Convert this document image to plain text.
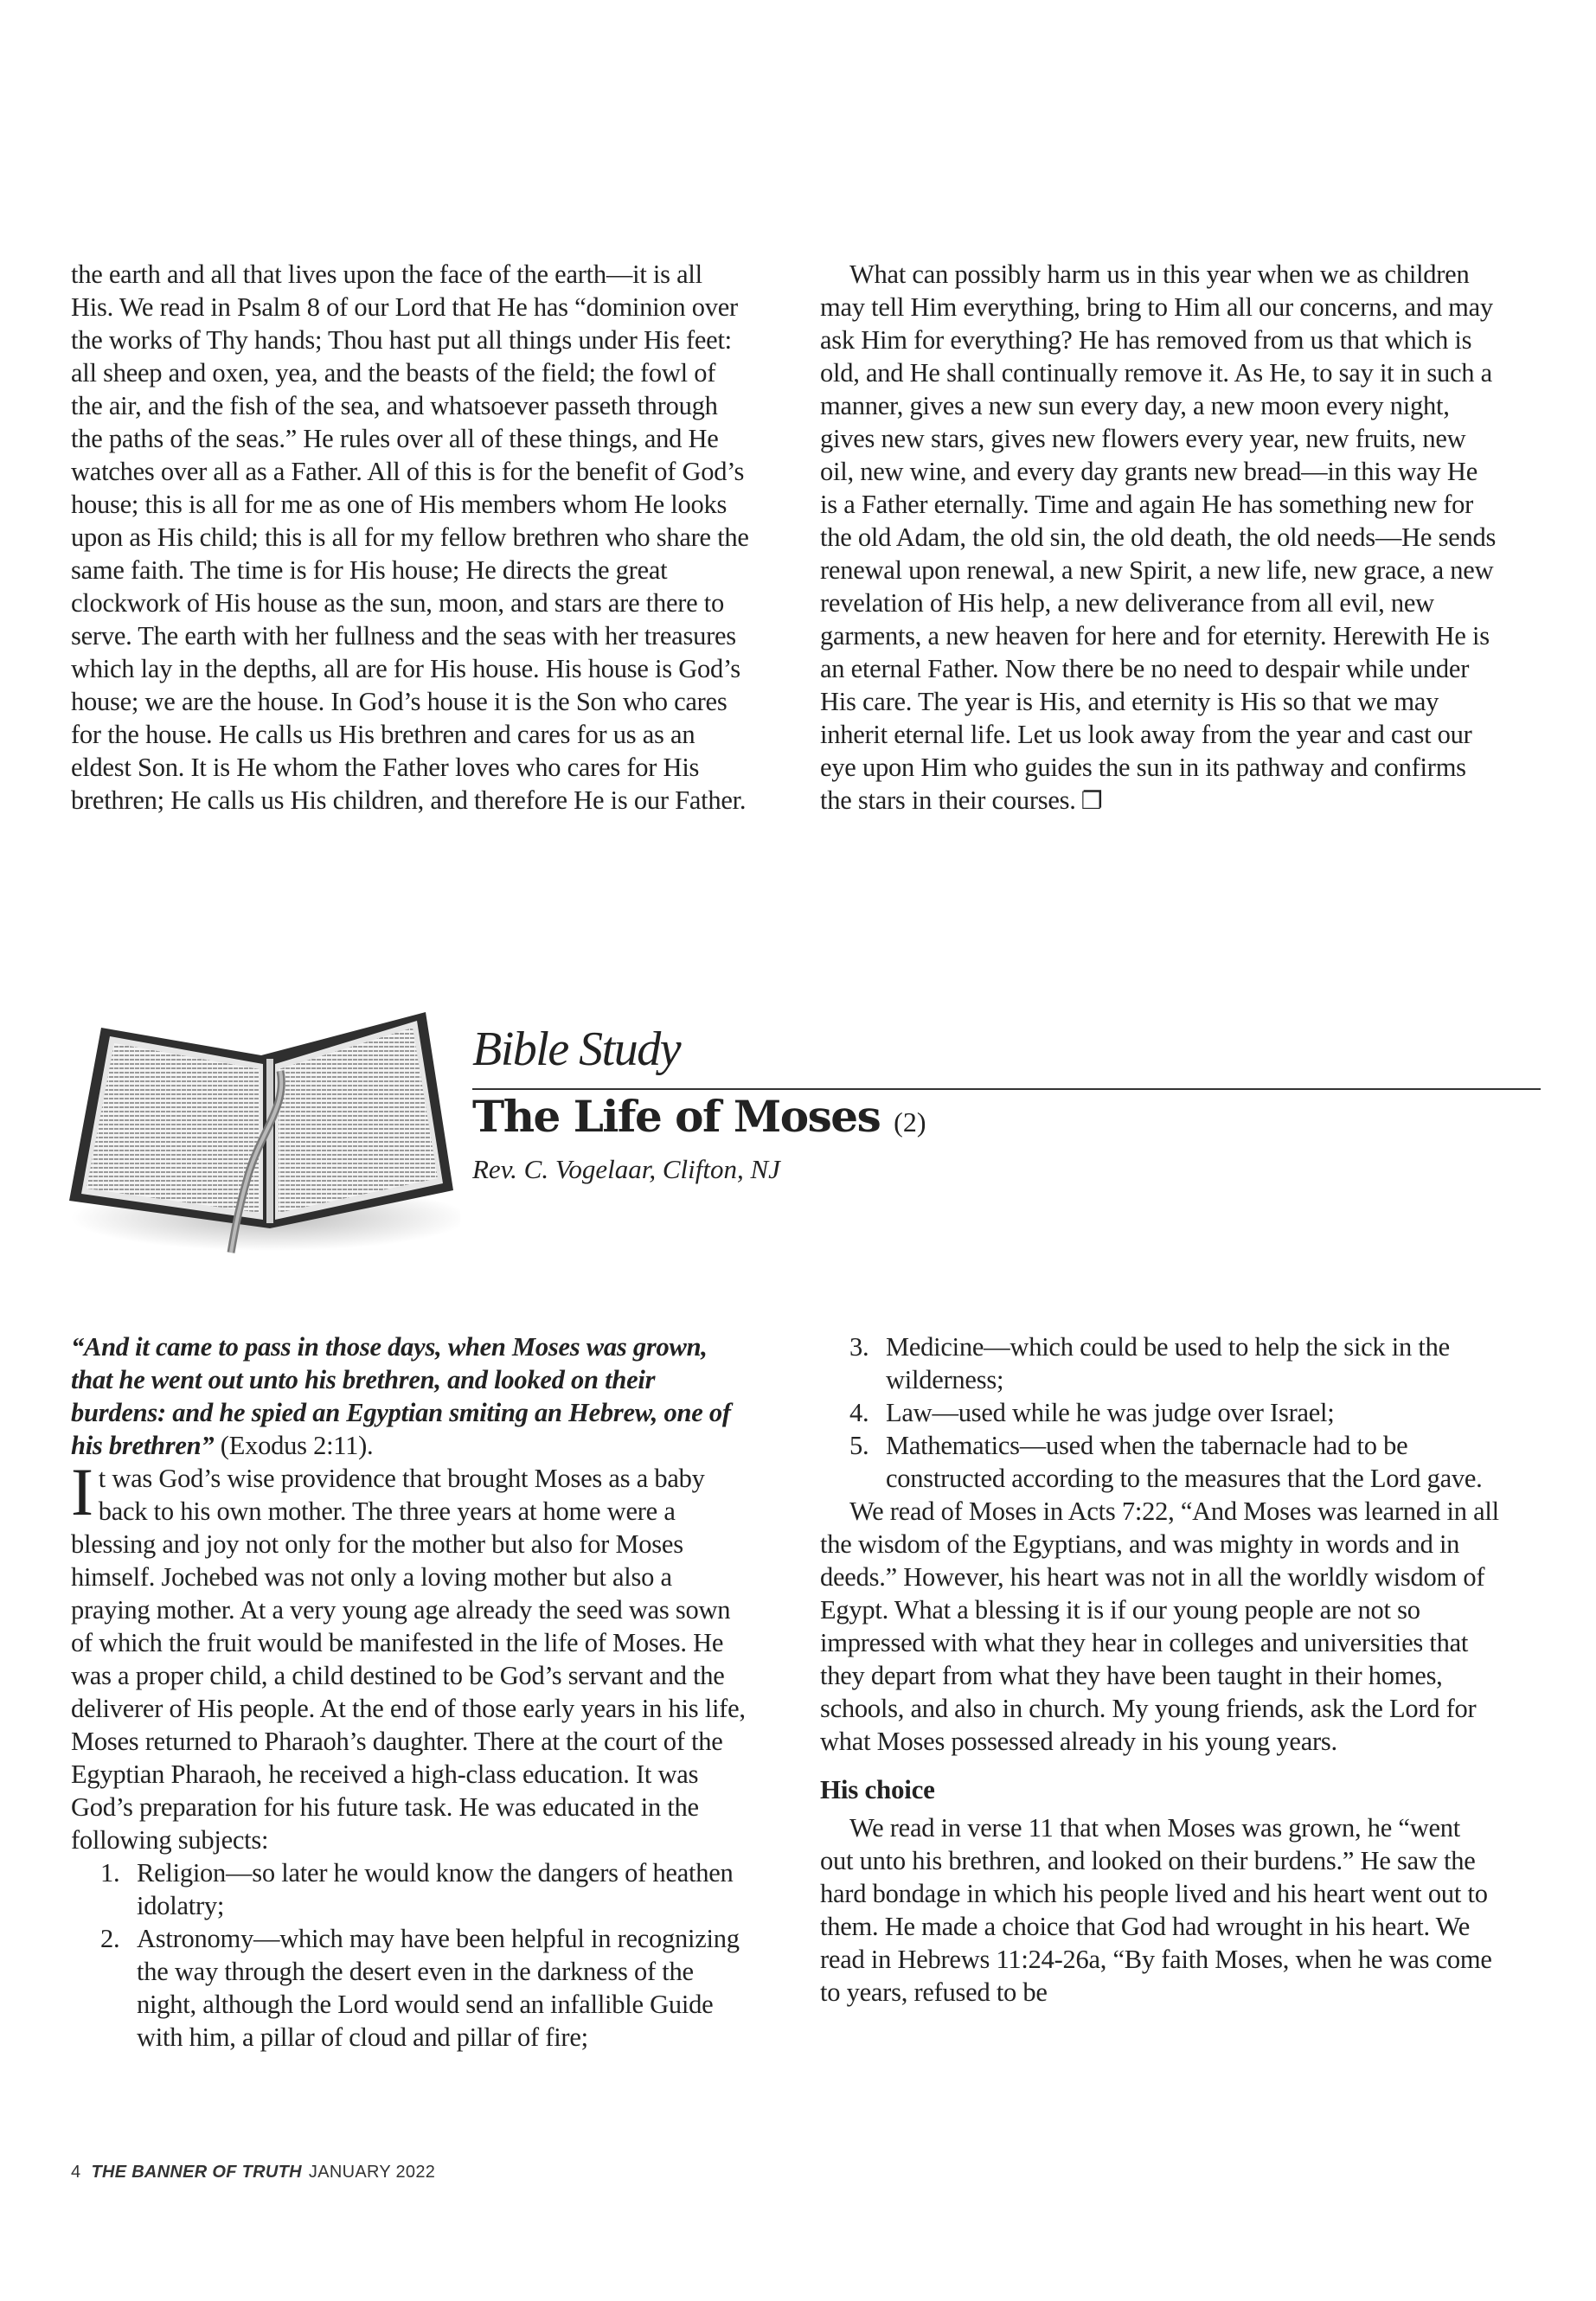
the earth and all that lives upon the face of the earth—it is all His. We read in Psalm 8 of our Lord that He has “dominion over the works of Thy hands; Thou hast put all things under His feet: all sheep and oxen, yea, and the beasts of the field; the fowl of the air, and the fish of the sea, and whatsoever passeth through the paths of the seas.” He rules over all of these things, and He watches over all as a Father. All of this is for the benefit of God’s house; this is all for me as one of His members whom He looks upon as His child; this is all for my fellow brethren who share the same faith. The time is for His house; He directs the great clockwork of His house as the sun, moon, and stars are there to serve. The earth with her fullness and the seas with her treasures which lay in the depths, all are for His house. His house is God’s house; we are the house. In God’s house it is the Son who cares for the house. He calls us His brethren and cares for us as an eldest Son. It is He whom the Father loves who cares for His brethren; He calls us His children, and therefore He is our Father.

What can possibly harm us in this year when we as children may tell Him everything, bring to Him all our concerns, and may ask Him for everything? He has removed from us that which is old, and He shall continually remove it. As He, to say it in such a manner, gives a new sun every day, a new moon every night, gives new stars, gives new flowers every year, new fruits, new oil, new wine, and every day grants new bread—in this way He is a Father eternally. Time and again He has something new for the old Adam, the old sin, the old death, the old needs—He sends renewal upon renewal, a new Spirit, a new life, new grace, a new revelation of His help, a new deliverance from all evil, new garments, a new heaven for here and for eternity. Herewith He is an eternal Father. Now there be no need to despair while under His care. The year is His, and eternity is His so that we may inherit eternal life. Let us look away from the year and cast our eye upon Him who guides the sun in its pathway and confirms the stars in their courses. ❐

Bible Study
The Life of Moses (2)
Rev. C. Vogelaar, Clifton, NJ

“And it came to pass in those days, when Moses was grown, that he went out unto his brethren, and looked on their burdens: and he spied an Egyptian smiting an Hebrew, one of his brethren” (Exodus 2:11).

It was God’s wise providence that brought Moses as a baby back to his own mother. The three years at home were a blessing and joy not only for the mother but also for Moses himself. Jochebed was not only a loving mother but also a praying mother. At a very young age already the seed was sown of which the fruit would be manifested in the life of Moses. He was a proper child, a child destined to be God’s servant and the deliverer of His people. At the end of those early years in his life, Moses returned to Pharaoh’s daughter. There at the court of the Egyptian Pharaoh, he received a high-class education. It was God’s preparation for his future task. He was educated in the following subjects:

1. Religion—so later he would know the dangers of heathen idolatry;
2. Astronomy—which may have been helpful in recognizing the way through the desert even in the darkness of the night, although the Lord would send an infallible Guide with him, a pillar of cloud and pillar of fire;
3. Medicine—which could be used to help the sick in the wilderness;
4. Law—used while he was judge over Israel;
5. Mathematics—used when the tabernacle had to be constructed according to the measures that the Lord gave.

We read of Moses in Acts 7:22, “And Moses was learned in all the wisdom of the Egyptians, and was mighty in words and in deeds.” However, his heart was not in all the worldly wisdom of Egypt. What a blessing it is if our young people are not so impressed with what they hear in colleges and universities that they depart from what they have been taught in their homes, schools, and also in church. My young friends, ask the Lord for what Moses possessed already in his young years.

His choice

We read in verse 11 that when Moses was grown, he “went out unto his brethren, and looked on their burdens.” He saw the hard bondage in which his people lived and his heart went out to them. He made a choice that God had wrought in his heart. We read in Hebrews 11:24-26a, “By faith Moses, when he was come to years, refused to be

4 THE BANNER OF TRUTH JANUARY 2022
